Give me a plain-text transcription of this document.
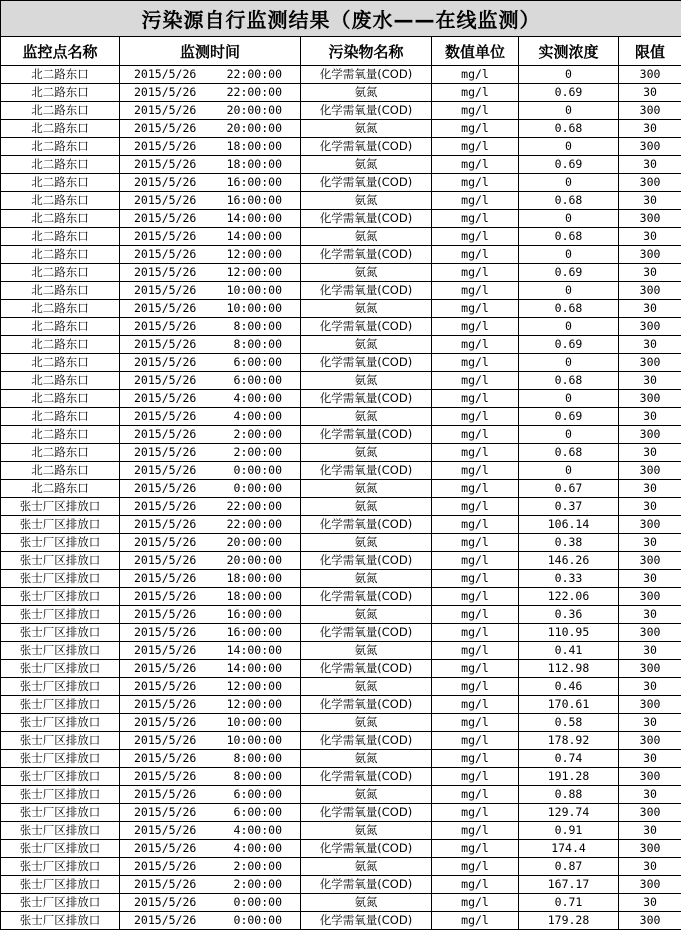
污染源自行监测结果（废水——在线监测）					
监控点名称	监测时间	污染物名称	数值单位	实测浓度	限值
北二路东口	2015/5/26 22:00:00	化学需氧量(COD)	mg/l	0	300
北二路东口	2015/5/26 22:00:00	氨氮	mg/l	0.69	30
北二路东口	2015/5/26 20:00:00	化学需氧量(COD)	mg/l	0	300
北二路东口	2015/5/26 20:00:00	氨氮	mg/l	0.68	30
北二路东口	2015/5/26 18:00:00	化学需氧量(COD)	mg/l	0	300
北二路东口	2015/5/26 18:00:00	氨氮	mg/l	0.69	30
北二路东口	2015/5/26 16:00:00	化学需氧量(COD)	mg/l	0	300
北二路东口	2015/5/26 16:00:00	氨氮	mg/l	0.68	30
北二路东口	2015/5/26 14:00:00	化学需氧量(COD)	mg/l	0	300
北二路东口	2015/5/26 14:00:00	氨氮	mg/l	0.68	30
北二路东口	2015/5/26 12:00:00	化学需氧量(COD)	mg/l	0	300
北二路东口	2015/5/26 12:00:00	氨氮	mg/l	0.69	30
北二路东口	2015/5/26 10:00:00	化学需氧量(COD)	mg/l	0	300
北二路东口	2015/5/26 10:00:00	氨氮	mg/l	0.68	30
北二路东口	2015/5/26 8:00:00	化学需氧量(COD)	mg/l	0	300
北二路东口	2015/5/26 8:00:00	氨氮	mg/l	0.69	30
北二路东口	2015/5/26 6:00:00	化学需氧量(COD)	mg/l	0	300
北二路东口	2015/5/26 6:00:00	氨氮	mg/l	0.68	30
北二路东口	2015/5/26 4:00:00	化学需氧量(COD)	mg/l	0	300
北二路东口	2015/5/26 4:00:00	氨氮	mg/l	0.69	30
北二路东口	2015/5/26 2:00:00	化学需氧量(COD)	mg/l	0	300
北二路东口	2015/5/26 2:00:00	氨氮	mg/l	0.68	30
北二路东口	2015/5/26 0:00:00	化学需氧量(COD)	mg/l	0	300
北二路东口	2015/5/26 0:00:00	氨氮	mg/l	0.67	30
张士厂区排放口	2015/5/26 22:00:00	氨氮	mg/l	0.37	30
张士厂区排放口	2015/5/26 22:00:00	化学需氧量(COD)	mg/l	106.14	300
张士厂区排放口	2015/5/26 20:00:00	氨氮	mg/l	0.38	30
张士厂区排放口	2015/5/26 20:00:00	化学需氧量(COD)	mg/l	146.26	300
张士厂区排放口	2015/5/26 18:00:00	氨氮	mg/l	0.33	30
张士厂区排放口	2015/5/26 18:00:00	化学需氧量(COD)	mg/l	122.06	300
张士厂区排放口	2015/5/26 16:00:00	氨氮	mg/l	0.36	30
张士厂区排放口	2015/5/26 16:00:00	化学需氧量(COD)	mg/l	110.95	300
张士厂区排放口	2015/5/26 14:00:00	氨氮	mg/l	0.41	30
张士厂区排放口	2015/5/26 14:00:00	化学需氧量(COD)	mg/l	112.98	300
张士厂区排放口	2015/5/26 12:00:00	氨氮	mg/l	0.46	30
张士厂区排放口	2015/5/26 12:00:00	化学需氧量(COD)	mg/l	170.61	300
张士厂区排放口	2015/5/26 10:00:00	氨氮	mg/l	0.58	30
张士厂区排放口	2015/5/26 10:00:00	化学需氧量(COD)	mg/l	178.92	300
张士厂区排放口	2015/5/26 8:00:00	氨氮	mg/l	0.74	30
张士厂区排放口	2015/5/26 8:00:00	化学需氧量(COD)	mg/l	191.28	300
张士厂区排放口	2015/5/26 6:00:00	氨氮	mg/l	0.88	30
张士厂区排放口	2015/5/26 6:00:00	化学需氧量(COD)	mg/l	129.74	300
张士厂区排放口	2015/5/26 4:00:00	氨氮	mg/l	0.91	30
张士厂区排放口	2015/5/26 4:00:00	化学需氧量(COD)	mg/l	174.4	300
张士厂区排放口	2015/5/26 2:00:00	氨氮	mg/l	0.87	30
张士厂区排放口	2015/5/26 2:00:00	化学需氧量(COD)	mg/l	167.17	300
张士厂区排放口	2015/5/26 0:00:00	氨氮	mg/l	0.71	30
张士厂区排放口	2015/5/26 0:00:00	化学需氧量(COD)	mg/l	179.28	300
